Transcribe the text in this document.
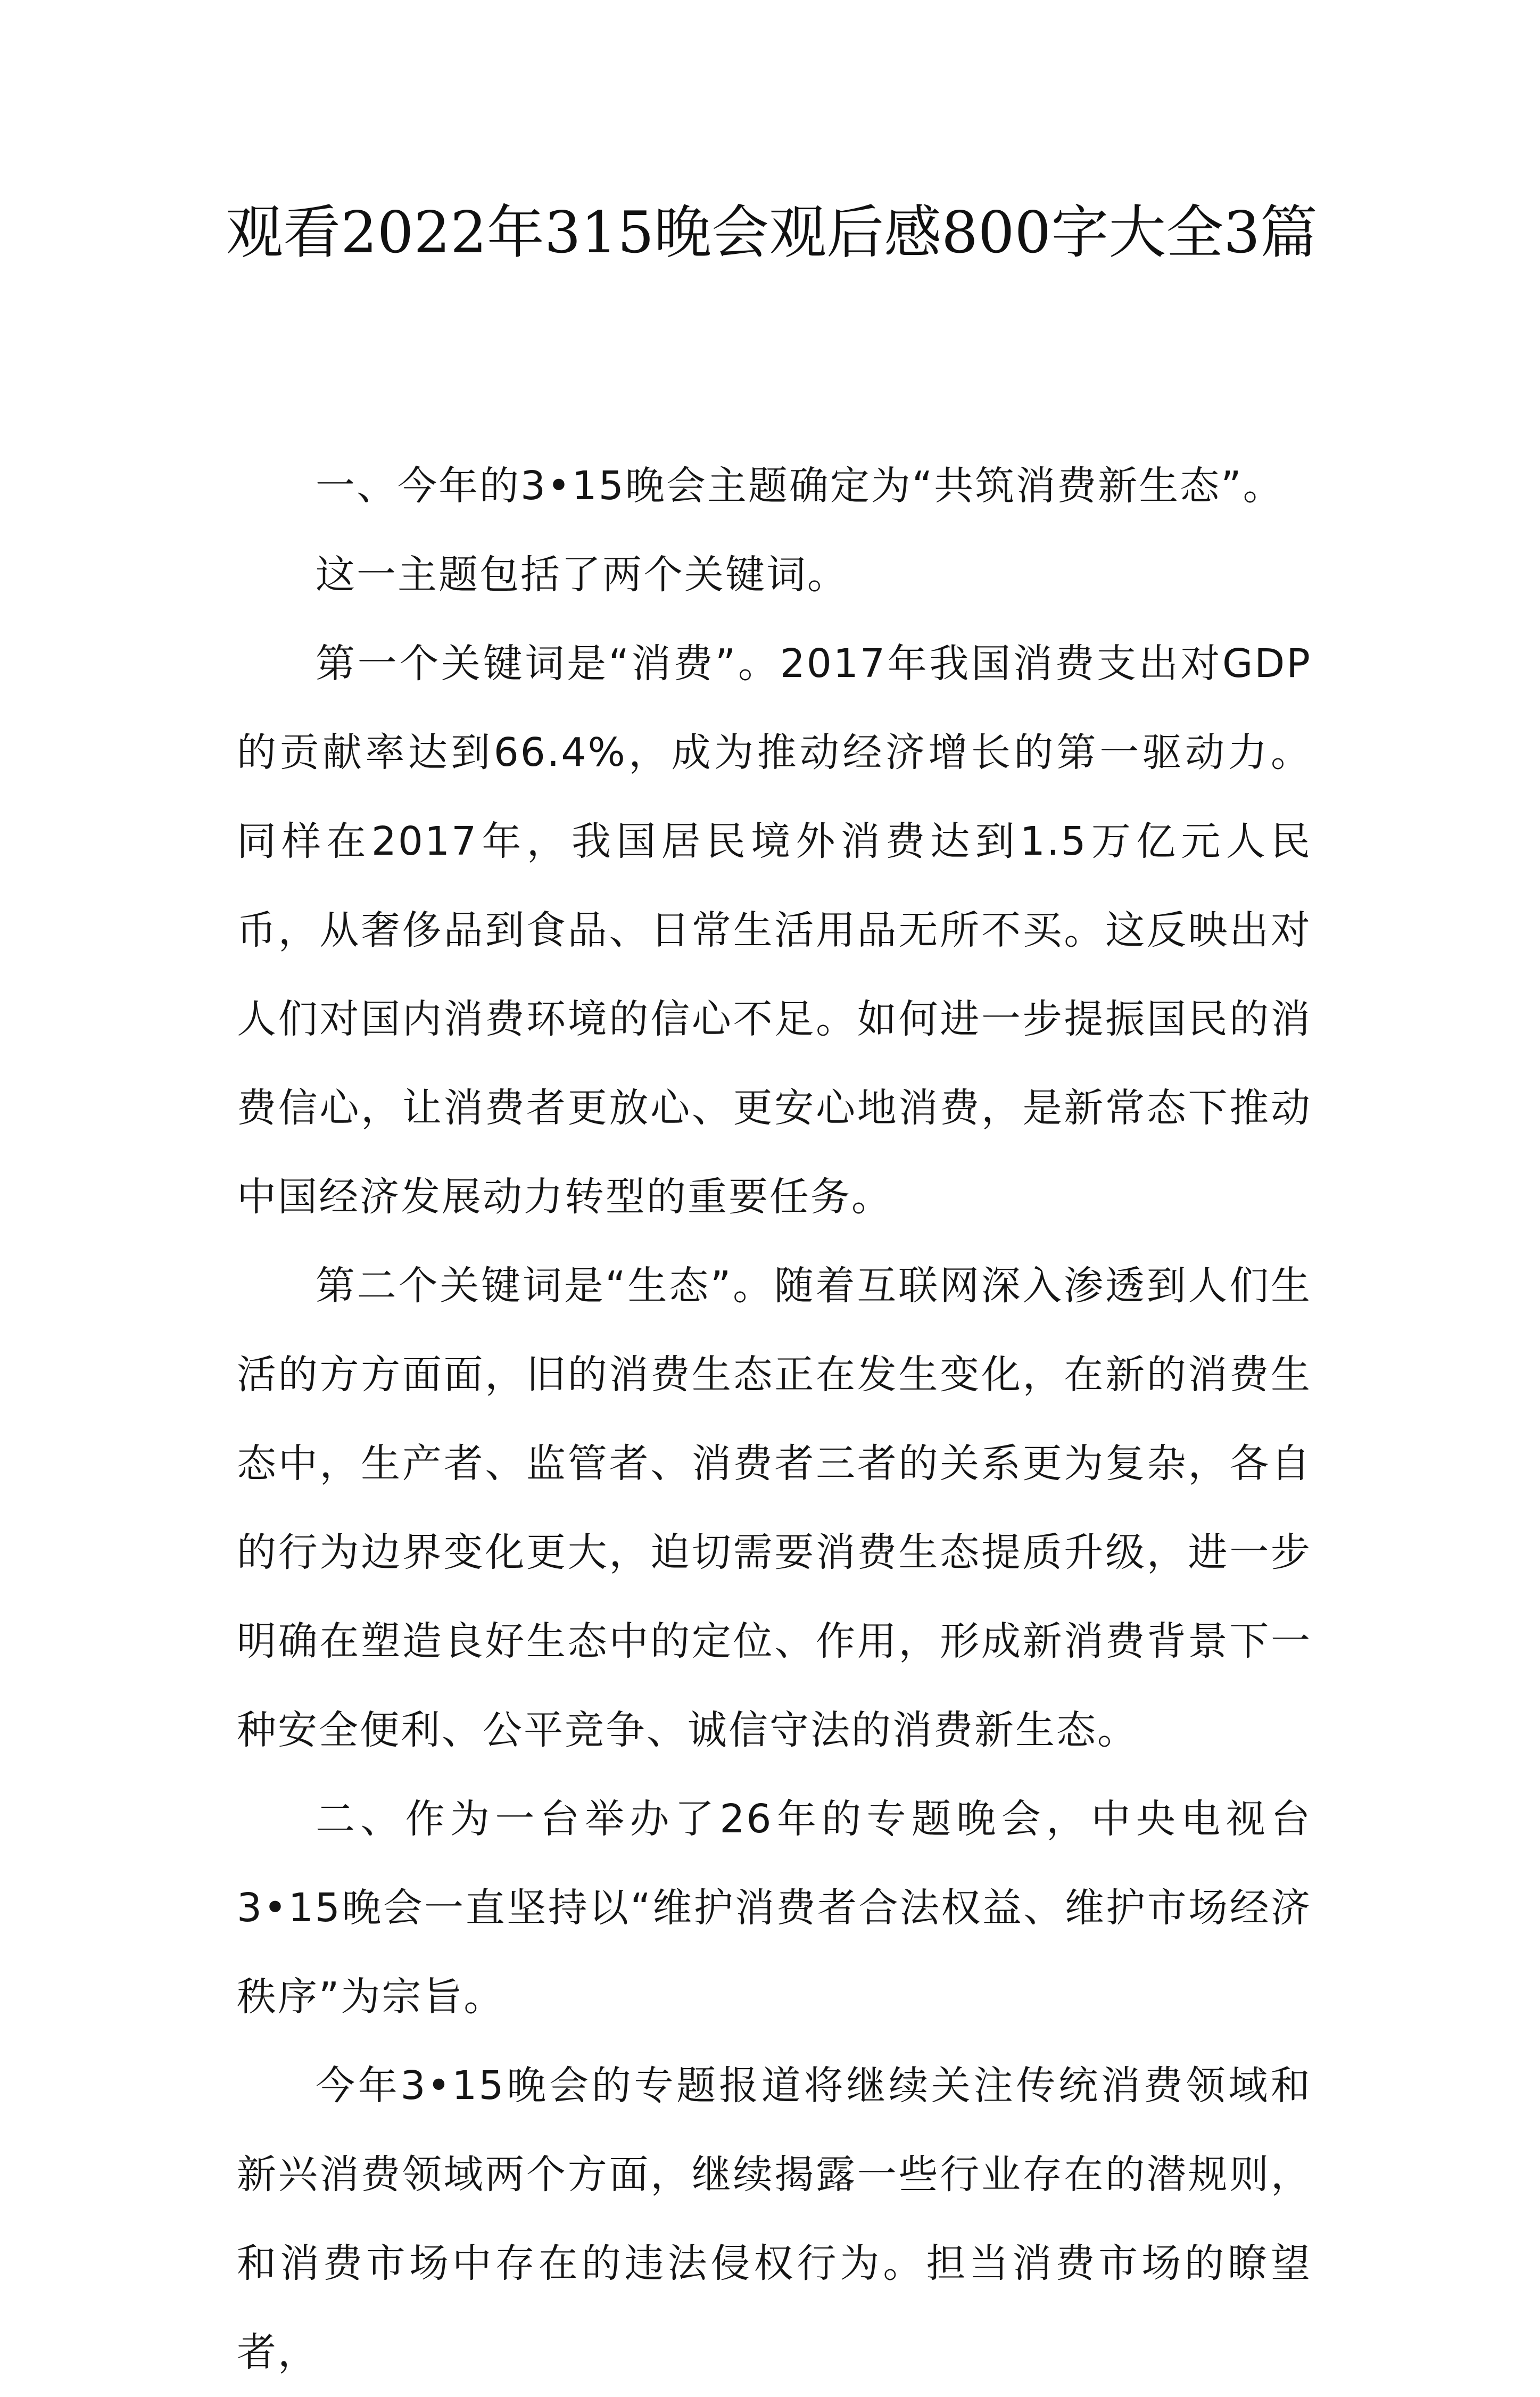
观看2022年315晚会观后感800字大全3篇

一、今年的3•15晚会主题确定为“共筑消费新生态”。

这一主题包括了两个关键词。

第一个关键词是“消费”。2017年我国消费支出对GDP的贡献率达到66.4%，成为推动经济增长的第一驱动力。同样在2017年，我国居民境外消费达到1.5万亿元人民币，从奢侈品到食品、日常生活用品无所不买。这反映出对人们对国内消费环境的信心不足。如何进一步提振国民的消费信心，让消费者更放心、更安心地消费，是新常态下推动中国经济发展动力转型的重要任务。

第二个关键词是“生态”。随着互联网深入渗透到人们生活的方方面面，旧的消费生态正在发生变化，在新的消费生态中，生产者、监管者、消费者三者的关系更为复杂，各自的行为边界变化更大，迫切需要消费生态提质升级，进一步明确在塑造良好生态中的定位、作用，形成新消费背景下一种安全便利、公平竞争、诚信守法的消费新生态。

二、作为一台举办了26年的专题晚会，中央电视台3•15晚会一直坚持以“维护消费者合法权益、维护市场经济秩序”为宗旨。

今年3•15晚会的专题报道将继续关注传统消费领域和新兴消费领域两个方面，继续揭露一些行业存在的潜规则，和消费市场中存在的违法侵权行为。担当消费市场的瞭望者，
